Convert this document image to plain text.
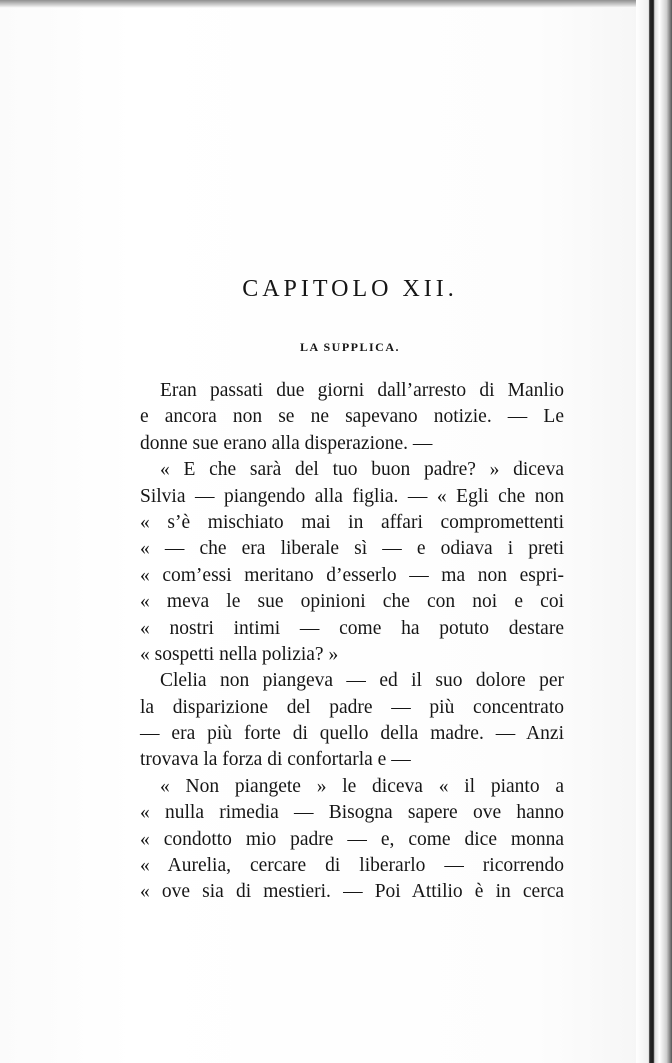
CAPITOLO XII.
LA SUPPLICA.
Eran passati due giorni dall’arresto di Manlio
e ancora non se ne sapevano notizie. — Le
donne sue erano alla disperazione. —
« E che sarà del tuo buon padre? » diceva
Silvia — piangendo alla figlia. — « Egli che non
« s’è mischiato mai in affari compromettenti
« — che era liberale sì — e odiava i preti
« com’essi meritano d’esserlo — ma non espri-
« meva le sue opinioni che con noi e coi
« nostri intimi — come ha potuto destare
« sospetti nella polizia? »
Clelia non piangeva — ed il suo dolore per
la disparizione del padre — più concentrato
— era più forte di quello della madre. — Anzi
trovava la forza di confortarla e —
« Non piangete » le diceva « il pianto a
« nulla rimedia — Bisogna sapere ove hanno
« condotto mio padre — e, come dice monna
« Aurelia, cercare di liberarlo — ricorrendo
« ove sia di mestieri. — Poi Attilio è in cerca
